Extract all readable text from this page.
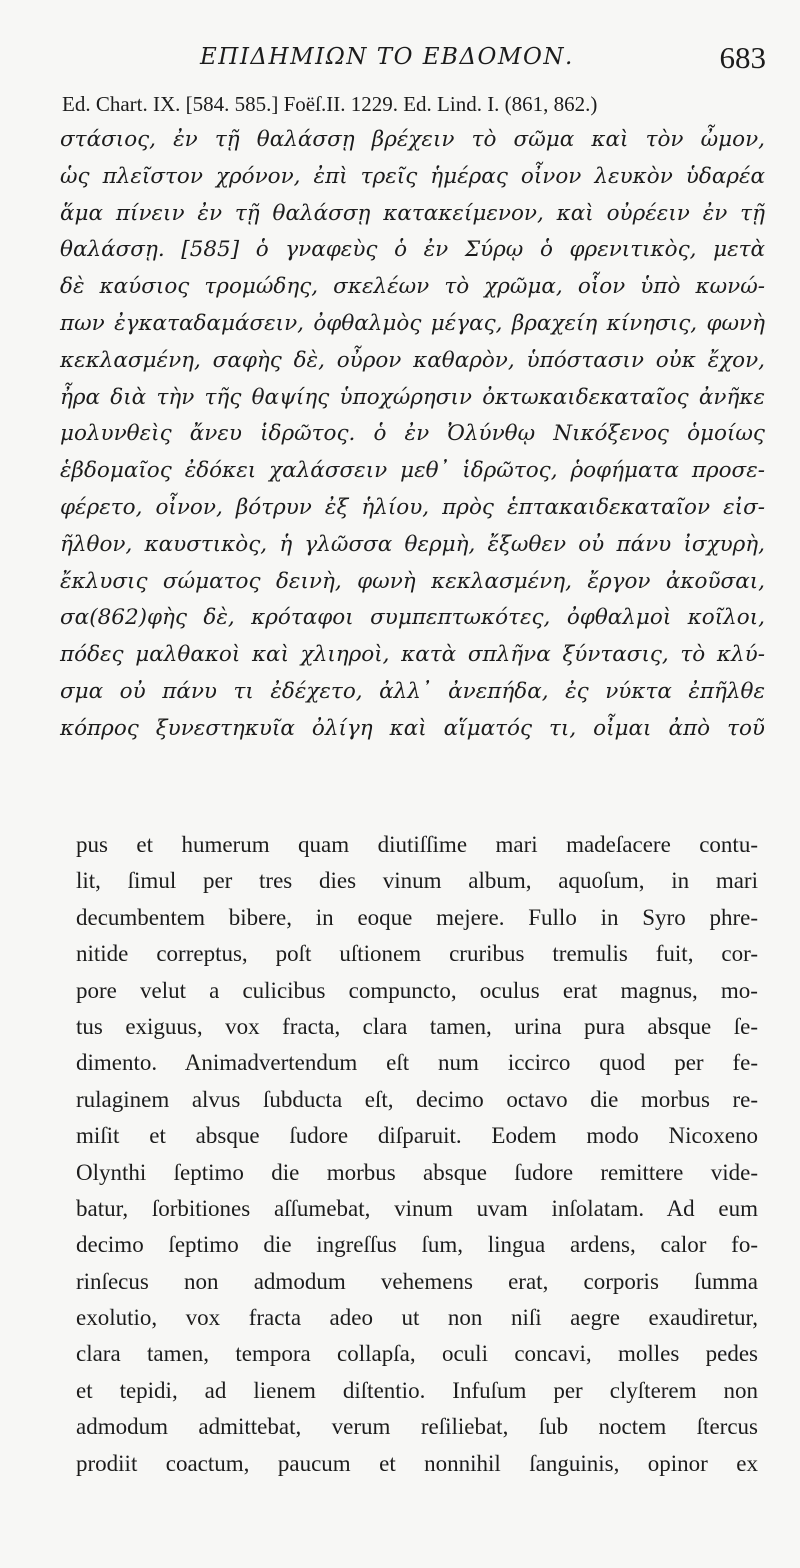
ΕΠΙΔΗΜΙΩΝ ΤΟ ΕΒΔΟΜΟΝ.	683
Ed. Chart. IX. [584. 585.] Foëſ.II. 1229. Ed. Lind. I. (861, 862.)
στάσιος, ἐν τῇ θαλάσσῃ βρέχειν τὸ σῶμα καὶ τὸν ὦμον,
ὡς πλεῖστον χρόνον, ἐπὶ τρεῖς ἡμέρας οἶνον λευκὸν ὑδαρέα
ἅμα πίνειν ἐν τῇ θαλάσσῃ κατακείμενον, καὶ οὐρέειν ἐν τῇ
θαλάσσῃ. [585] ὁ γναφεὺς ὁ ἐν Σύρῳ ὁ φρενιτικὸς, μετὰ
δὲ καύσιος τρομώδης, σκελέων τὸ χρῶμα, οἷον ὑπὸ κωνώ-
πων ἐγκαταδαμάσειν, ὀφθαλμὸς μέγας, βραχείη κίνησις, φωνὴ
κεκλασμένη, σαφὴς δὲ, οὖρον καθαρὸν, ὑπόστασιν οὐκ ἔχον,
ἦρα διὰ τὴν τῆς θαψίης ὑποχώρησιν ὀκτωκαιδεκαταῖος ἀνῆκε
μολυνθεὶς ἄνευ ἱδρῶτος. ὁ ἐν Ὀλύνθῳ Νικόξενος ὁμοίως
ἑβδομαῖος ἐδόκει χαλάσσειν μεθ᾽ ἱδρῶτος, ῥοφήματα προσε-
φέρετο, οἶνον, βότρυν ἐξ ἡλίου, πρὸς ἑπτακαιδεκαταῖον εἰσ-
ῆλθον, καυστικὸς, ἡ γλῶσσα θερμὴ, ἔξωθεν οὐ πάνυ ἰσχυρὴ,
ἔκλυσις σώματος δεινὴ, φωνὴ κεκλασμένη, ἔργον ἀκοῦσαι,
σα(862)φὴς δὲ, κρόταφοι συμπεπτωκότες, ὀφθαλμοὶ κοῖλοι,
πόδες μαλθακοὶ καὶ χλιηροὶ, κατὰ σπλῆνα ξύντασις, τὸ κλύ-
σμα οὐ πάνυ τι ἐδέχετο, ἀλλ᾽ ἀνεπήδα, ἐς νύκτα ἐπῆλθε
κόπρος ξυνεστηκυῖα ὀλίγη καὶ αἵματός τι, οἶμαι ἀπὸ τοῦ
pus et humerum quam diutiſſime mari madeſacere contu-
lit, ſimul per tres dies vinum album, aquoſum, in mari
decumbentem bibere, in eoque mejere. Fullo in Syro phre-
nitide correptus, poſt uſtionem cruribus tremulis fuit, cor-
pore velut a culicibus compuncto, oculus erat magnus, mo-
tus exiguus, vox fracta, clara tamen, urina pura absque ſe-
dimento. Animadvertendum eſt num iccirco quod per fe-
rulaginem alvus ſubducta eſt, decimo octavo die morbus re-
miſit et absque ſudore diſparuit. Eodem modo Nicoxeno
Olynthi ſeptimo die morbus absque ſudore remittere vide-
batur, ſorbitiones aſſumebat, vinum uvam inſolatam. Ad eum
decimo ſeptimo die ingreſſus ſum, lingua ardens, calor fo-
rinſecus non admodum vehemens erat, corporis ſumma
exolutio, vox fracta adeo ut non niſi aegre exaudiretur,
clara tamen, tempora collapſa, oculi concavi, molles pedes
et tepidi, ad lienem diſtentio. Infuſum per clyſterem non
admodum admittebat, verum reſiliebat, ſub noctem ſtercus
prodiit coactum, paucum et nonnihil ſanguinis, opinor ex
